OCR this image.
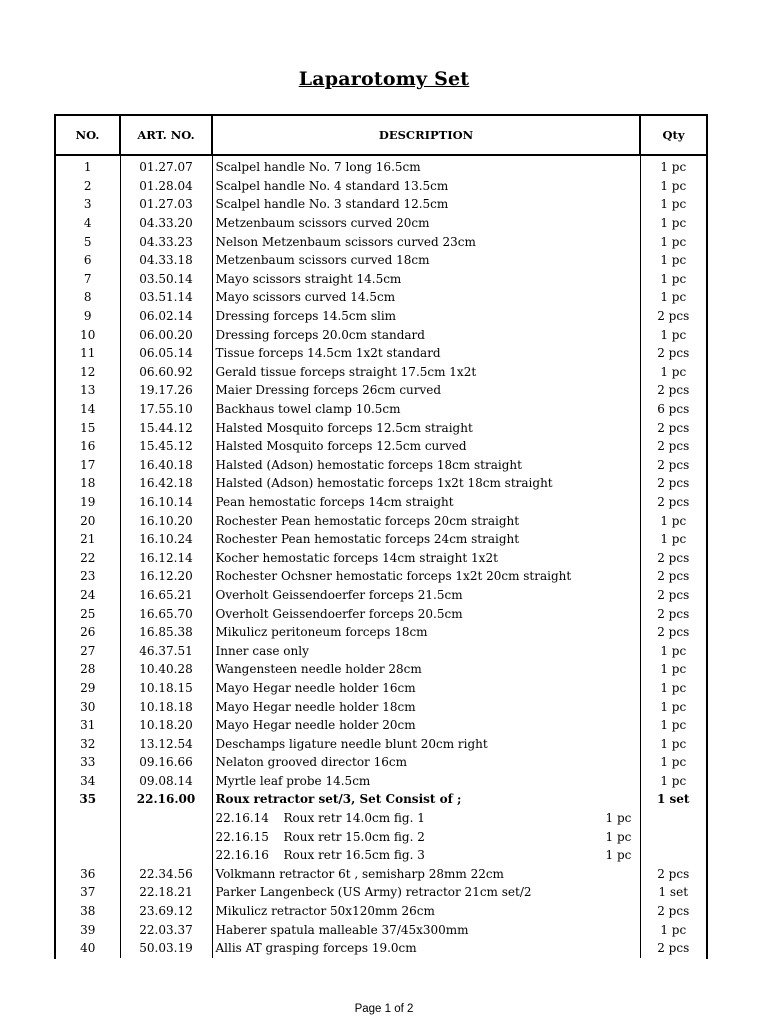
Laparotomy Set
NO.	ART. NO.	DESCRIPTION	Qty

1	01.27.07	Scalpel handle No. 7 long 16.5cm	1 pc
2	01.28.04	Scalpel handle No. 4 standard 13.5cm	1 pc
3	01.27.03	Scalpel handle No. 3 standard 12.5cm	1 pc
4	04.33.20	Metzenbaum scissors curved 20cm	1 pc
5	04.33.23	Nelson Metzenbaum scissors curved 23cm	1 pc
6	04.33.18	Metzenbaum scissors curved 18cm	1 pc
7	03.50.14	Mayo scissors straight 14.5cm	1 pc
8	03.51.14	Mayo scissors curved 14.5cm	1 pc
9	06.02.14	Dressing forceps 14.5cm slim	2 pcs
10	06.00.20	Dressing forceps 20.0cm standard	1 pc
11	06.05.14	Tissue forceps 14.5cm 1x2t standard	2 pcs
12	06.60.92	Gerald tissue forceps straight 17.5cm 1x2t	1 pc
13	19.17.26	Maier Dressing forceps 26cm curved	2 pcs
14	17.55.10	Backhaus towel clamp 10.5cm	6 pcs
15	15.44.12	Halsted Mosquito forceps 12.5cm straight	2 pcs
16	15.45.12	Halsted Mosquito forceps 12.5cm curved	2 pcs
17	16.40.18	Halsted (Adson) hemostatic forceps 18cm straight	2 pcs
18	16.42.18	Halsted (Adson) hemostatic forceps 1x2t 18cm straight	2 pcs
19	16.10.14	Pean hemostatic forceps 14cm straight	2 pcs
20	16.10.20	Rochester Pean hemostatic forceps 20cm straight	1 pc
21	16.10.24	Rochester Pean hemostatic forceps 24cm straight	1 pc
22	16.12.14	Kocher hemostatic forceps 14cm straight 1x2t	2 pcs
23	16.12.20	Rochester Ochsner hemostatic forceps 1x2t 20cm straight	2 pcs
24	16.65.21	Overholt Geissendoerfer forceps 21.5cm	2 pcs
25	16.65.70	Overholt Geissendoerfer forceps 20.5cm	2 pcs
26	16.85.38	Mikulicz peritoneum forceps 18cm	2 pcs
27	46.37.51	Inner case only	1 pc
28	10.40.28	Wangensteen needle holder 28cm	1 pc
29	10.18.15	Mayo Hegar needle holder 16cm	1 pc
30	10.18.18	Mayo Hegar needle holder 18cm	1 pc
31	10.18.20	Mayo Hegar needle holder 20cm	1 pc
32	13.12.54	Deschamps ligature needle blunt 20cm right	1 pc
33	09.16.66	Nelaton grooved director 16cm	1 pc
34	09.08.14	Myrtle leaf probe 14.5cm	1 pc
35	22.16.00	Roux retractor set/3, Set Consist of ;	1 set
		22.16.14 Roux retr 14.0cm fig. 1 1 pc	
		22.16.15 Roux retr 15.0cm fig. 2 1 pc	
		22.16.16 Roux retr 16.5cm fig. 3 1 pc	
36	22.34.56	Volkmann retractor 6t , semisharp 28mm 22cm	2 pcs
37	22.18.21	Parker Langenbeck (US Army) retractor 21cm set/2	1 set
38	23.69.12	Mikulicz retractor 50x120mm 26cm	2 pcs
39	22.03.37	Haberer spatula malleable 37/45x300mm	1 pc
40	50.03.19	Allis AT grasping forceps 19.0cm	2 pcs
Page 1 of 2
